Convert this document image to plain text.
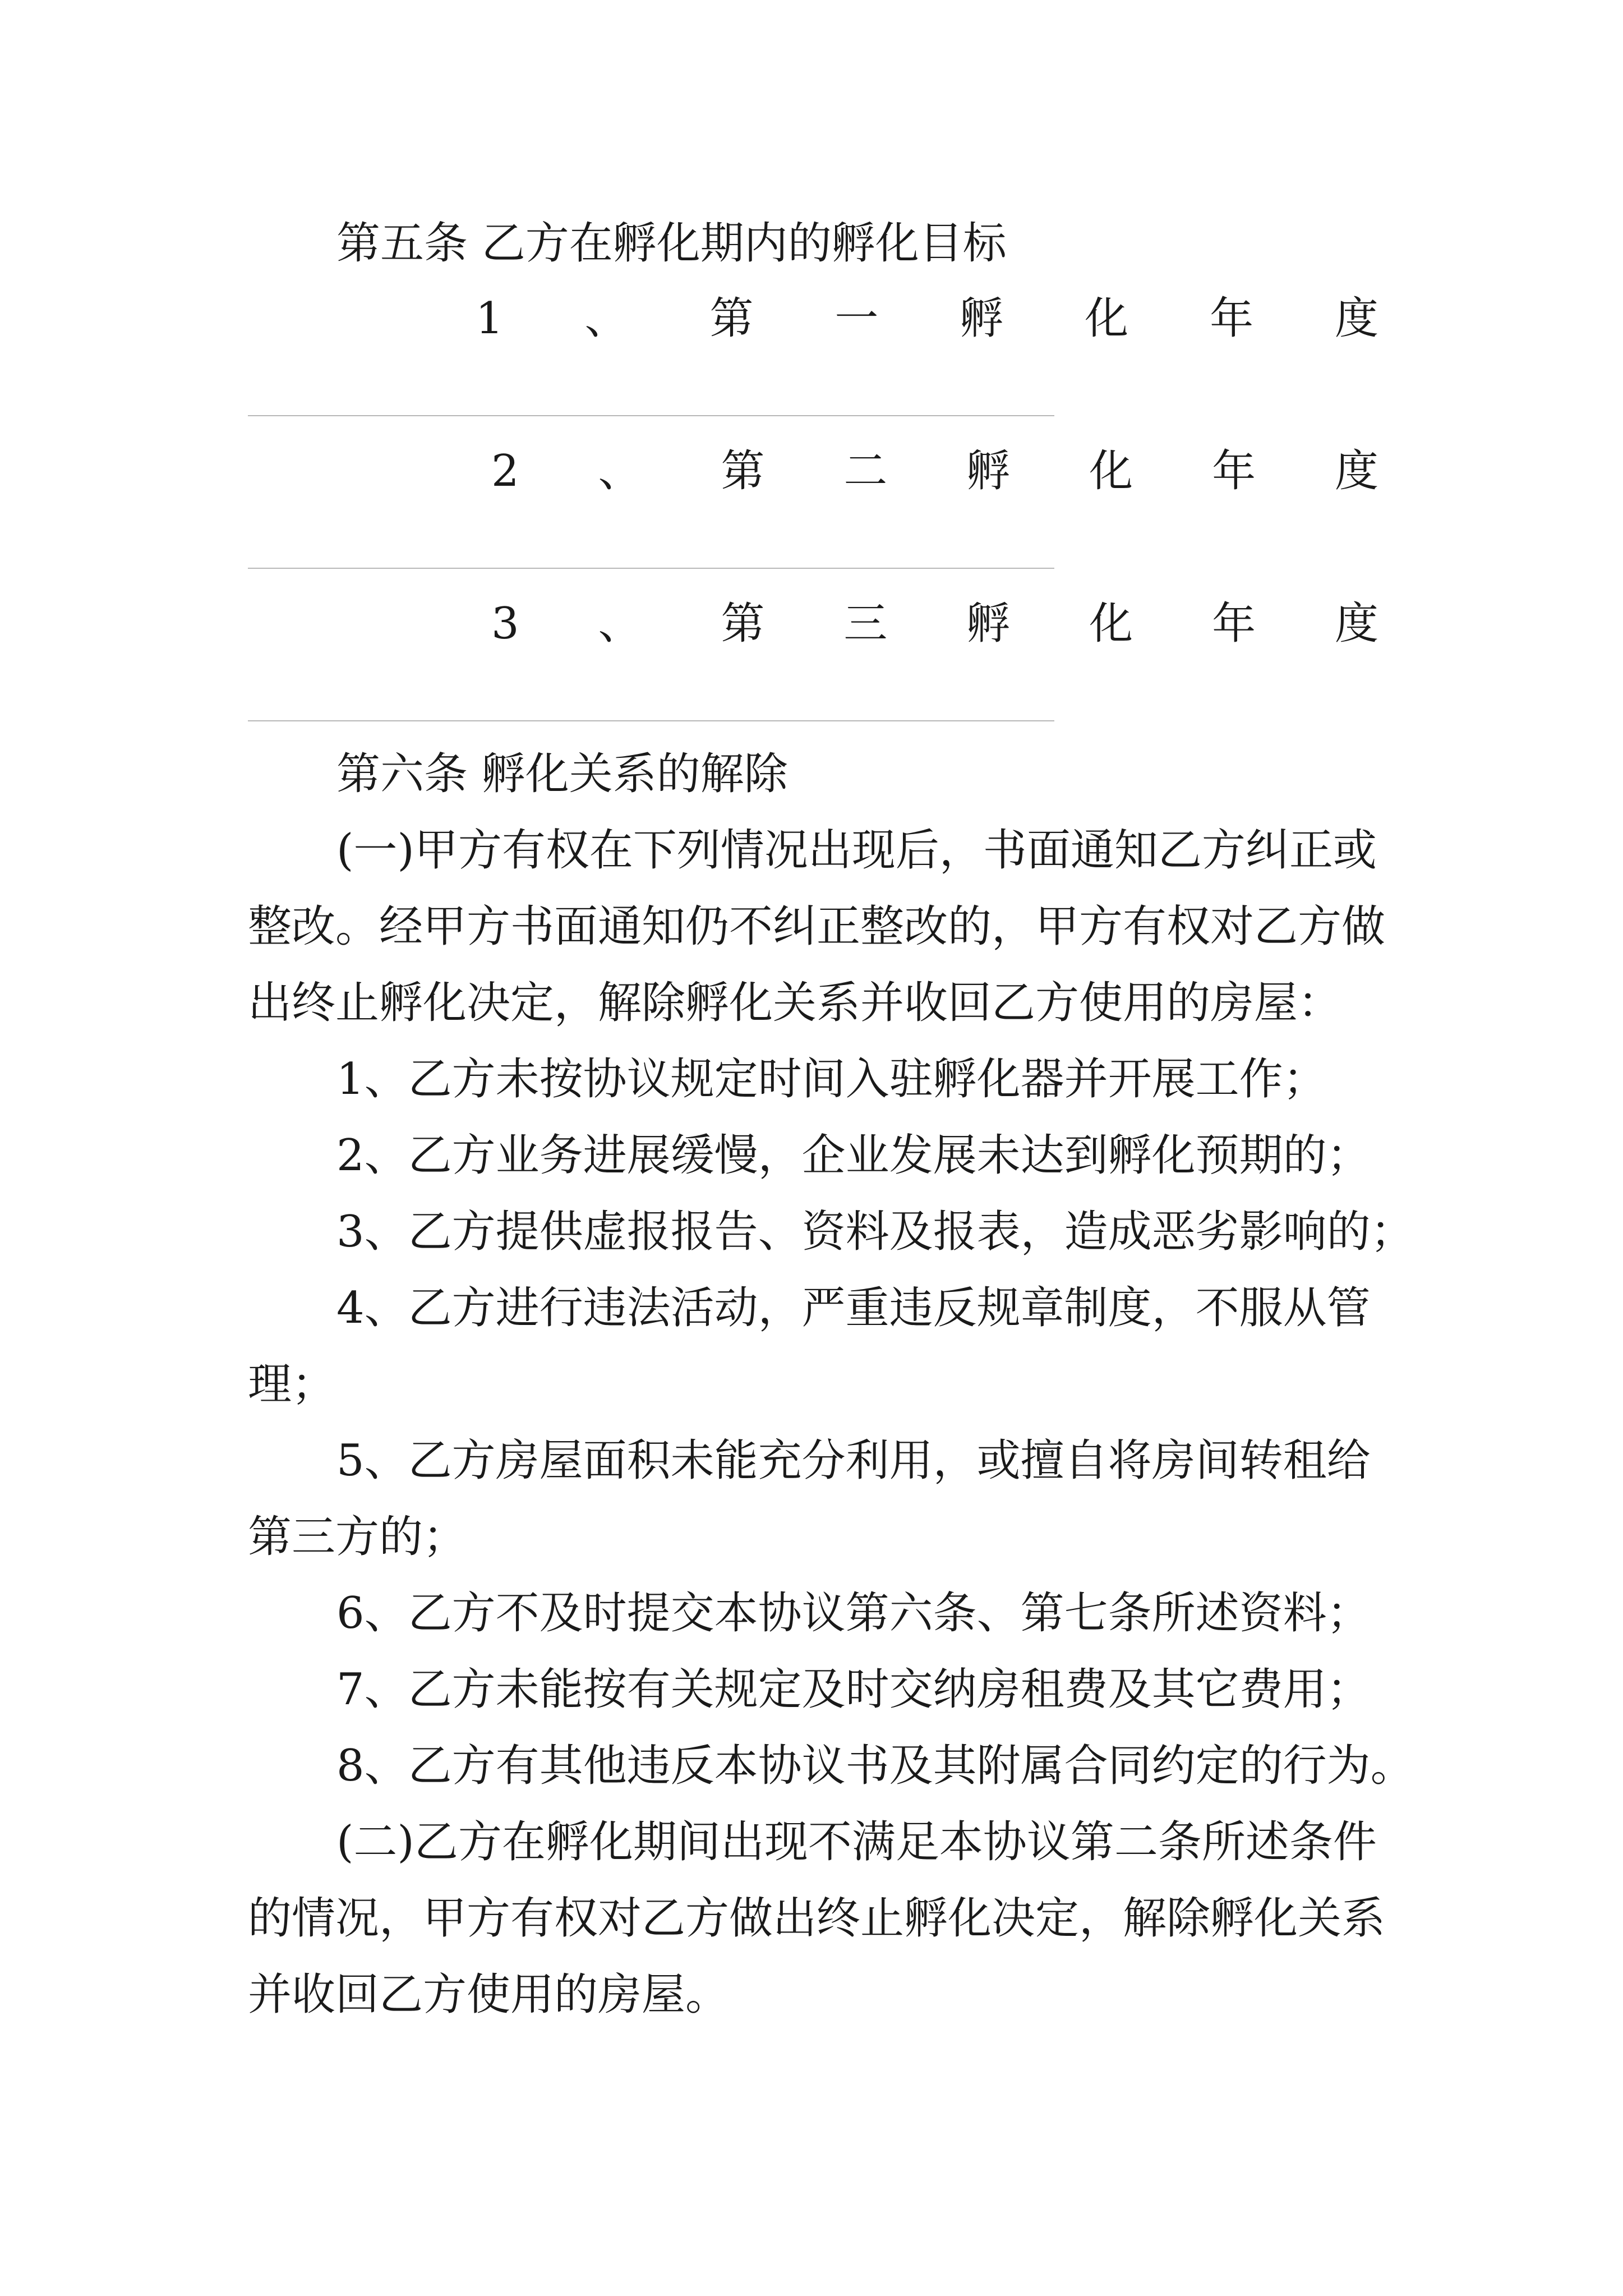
第五条 乙方在孵化期内的孵化目标
1 、 第 一 孵 化 年 度
2 、 第 二 孵 化 年 度
3 、 第 三 孵 化 年 度
第六条 孵化关系的解除
(一)甲方有权在下列情况出现后，书面通知乙方纠正或
整改。经甲方书面通知仍不纠正整改的，甲方有权对乙方做
出终止孵化决定，解除孵化关系并收回乙方使用的房屋：
1、乙方未按协议规定时间入驻孵化器并开展工作；
2、乙方业务进展缓慢，企业发展未达到孵化预期的；
3、乙方提供虚报报告、资料及报表，造成恶劣影响的；
4、乙方进行违法活动，严重违反规章制度，不服从管
理；
5、乙方房屋面积未能充分利用，或擅自将房间转租给
第三方的；
6、乙方不及时提交本协议第六条、第七条所述资料；
7、乙方未能按有关规定及时交纳房租费及其它费用；
8、乙方有其他违反本协议书及其附属合同约定的行为。
(二)乙方在孵化期间出现不满足本协议第二条所述条件
的情况，甲方有权对乙方做出终止孵化决定，解除孵化关系
并收回乙方使用的房屋。
